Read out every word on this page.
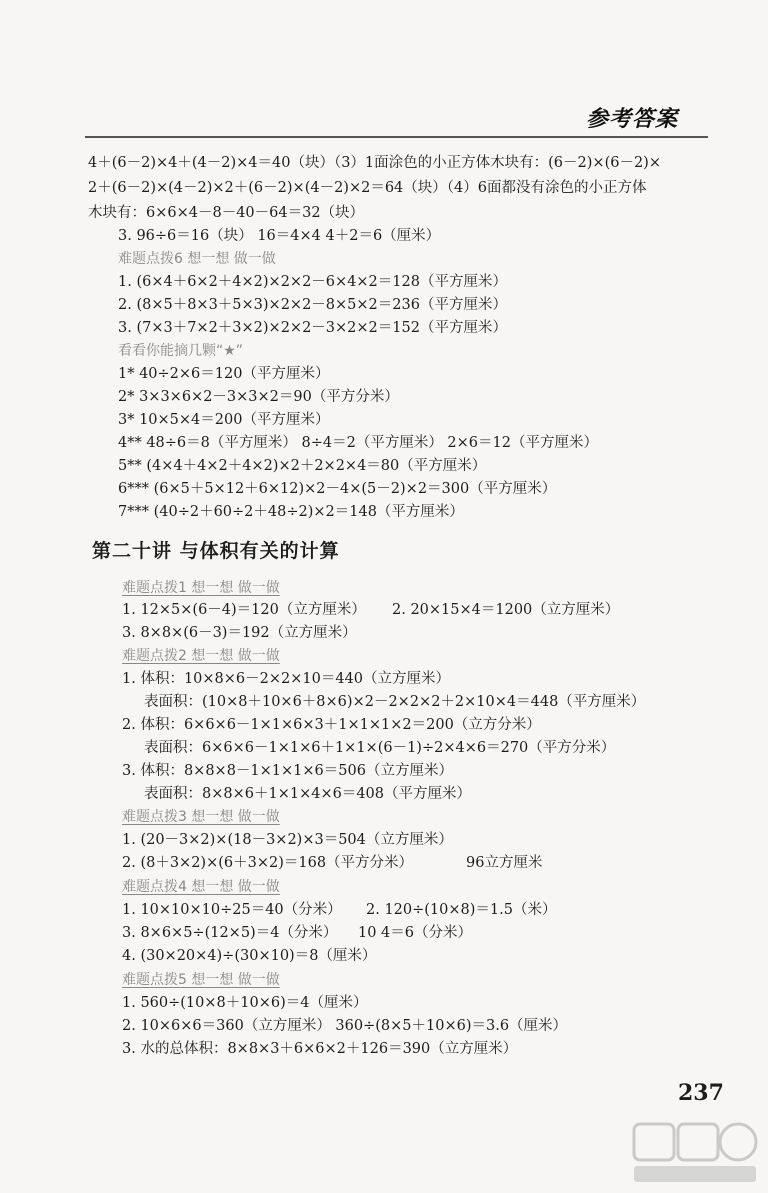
参考答案
4＋(6－2)×4＋(4－2)×4＝40（块）（3）1面涂色的小正方体木块有：(6－2)×(6－2)×
2＋(6－2)×(4－2)×2＋(6－2)×(4－2)×2＝64（块）（4）6面都没有涂色的小正方体
木块有：6×6×4－8－40－64＝32（块）
3. 96÷6＝16（块） 16＝4×4 4＋2＝6（厘米）
难题点拨6 想一想 做一做
1. (6×4＋6×2＋4×2)×2×2－6×4×2＝128（平方厘米）
2. (8×5＋8×3＋5×3)×2×2－8×5×2＝236（平方厘米）
3. (7×3＋7×2＋3×2)×2×2－3×2×2＝152（平方厘米）
看看你能摘几颗“★”
1* 40÷2×6＝120（平方厘米）
2* 3×3×6×2－3×3×2＝90（平方分米）
3* 10×5×4＝200（平方厘米）
4** 48÷6＝8（平方厘米） 8÷4＝2（平方厘米） 2×6＝12（平方厘米）
5** (4×4＋4×2＋4×2)×2＋2×2×4＝80（平方厘米）
6*** (6×5＋5×12＋6×12)×2－4×(5－2)×2＝300（平方厘米）
7*** (40÷2＋60÷2＋48÷2)×2＝148（平方厘米）
第二十讲 与体积有关的计算
难题点拨1 想一想 做一做
1. 12×5×(6－4)＝120（立方厘米） 2. 20×15×4＝1200（立方厘米）
3. 8×8×(6－3)＝192（立方厘米）
难题点拨2 想一想 做一做
1. 体积：10×8×6－2×2×10＝440（立方厘米）
表面积：(10×8＋10×6＋8×6)×2－2×2×2＋2×10×4＝448（平方厘米）
2. 体积：6×6×6－1×1×6×3＋1×1×1×2＝200（立方分米）
表面积：6×6×6－1×1×6＋1×1×(6－1)÷2×4×6＝270（平方分米）
3. 体积：8×8×8－1×1×1×6＝506（立方厘米）
表面积：8×8×6＋1×1×4×6＝408（平方厘米）
难题点拨3 想一想 做一做
1. (20－3×2)×(18－3×2)×3＝504（立方厘米）
2. (8＋3×2)×(6＋3×2)＝168（平方分米）	96立方厘米
难题点拨4 想一想 做一做
1. 10×10×10÷25＝40（分米） 2. 120÷(10×8)＝1.5（米）
3. 8×6×5÷(12×5)＝4（分米） 10 4＝6（分米）
4. (30×20×4)÷(30×10)＝8（厘米）
难题点拨5 想一想 做一做
1. 560÷(10×8＋10×6)＝4（厘米）
2. 10×6×6＝360（立方厘米） 360÷(8×5＋10×6)＝3.6（厘米）
3. 水的总体积：8×8×3＋6×6×2＋126＝390（立方厘米）
237
